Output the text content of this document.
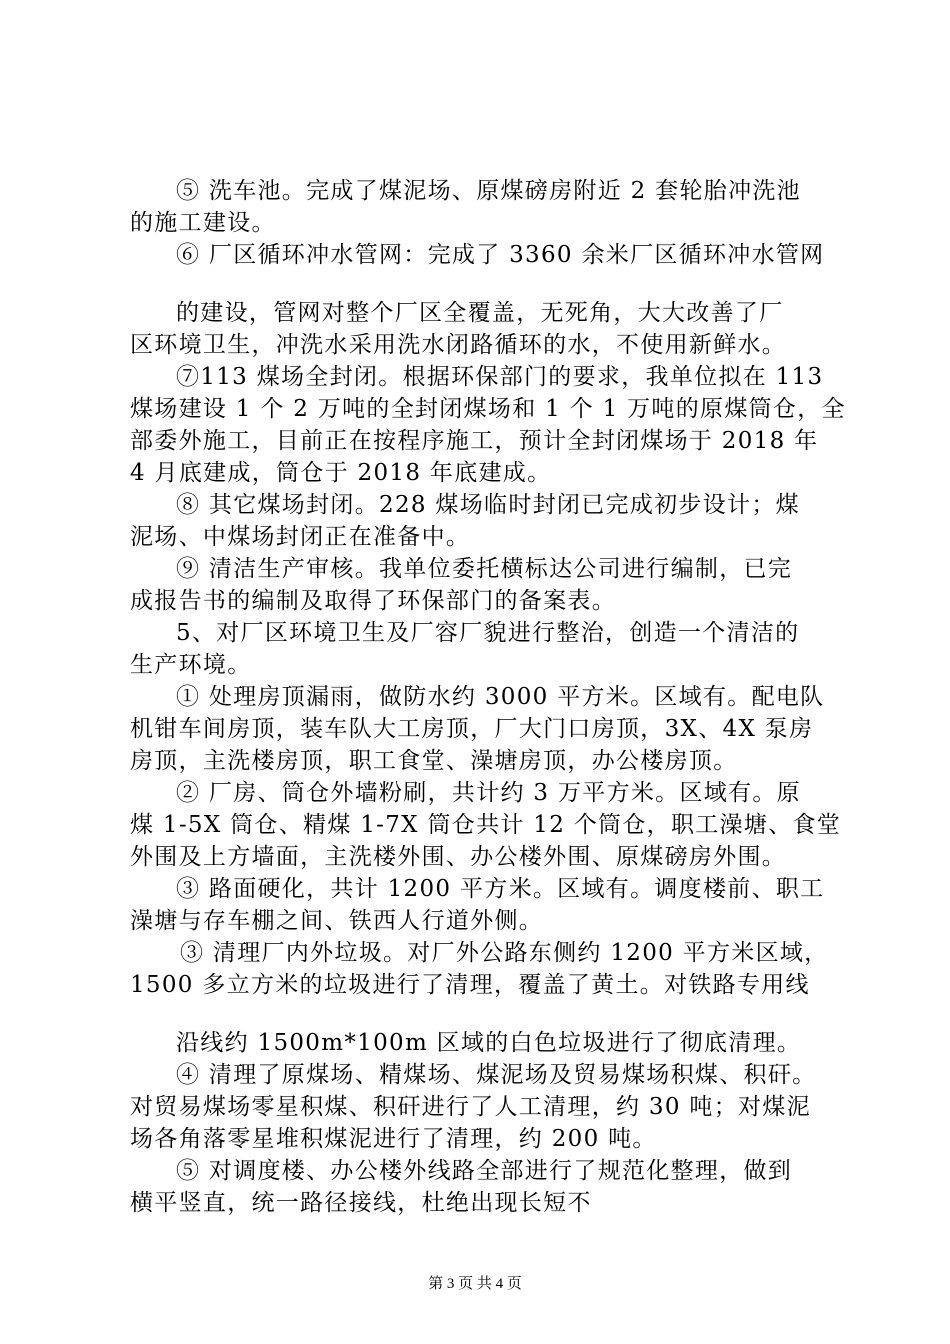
⑤ 洗车池。完成了煤泥场、原煤磅房附近 2 套轮胎冲洗池
的施工建设。
⑥ 厂区循环冲水管网：完成了 3360 余米厂区循环冲水管网
的建设，管网对整个厂区全覆盖，无死角，大大改善了厂
区环境卫生，冲洗水采用洗水闭路循环的水，不使用新鲜水。
⑦113 煤场全封闭。根据环保部门的要求，我单位拟在 113
煤场建设 1 个 2 万吨的全封闭煤场和 1 个 1 万吨的原煤筒仓，全
部委外施工，目前正在按程序施工，预计全封闭煤场于 2018 年
4 月底建成，筒仓于 2018 年底建成。
⑧ 其它煤场封闭。228 煤场临时封闭已完成初步设计；煤
泥场、中煤场封闭正在准备中。
⑨ 清洁生产审核。我单位委托横标达公司进行编制，已完
成报告书的编制及取得了环保部门的备案表。
5、对厂区环境卫生及厂容厂貌进行整治，创造一个清洁的
生产环境。
① 处理房顶漏雨，做防水约 3000 平方米。区域有。配电队
机钳车间房顶，装车队大工房顶，厂大门口房顶，3X、4X 泵房
房顶，主洗楼房顶，职工食堂、澡塘房顶，办公楼房顶。
② 厂房、筒仓外墙粉刷，共计约 3 万平方米。区域有。原
煤 1-5X 筒仓、精煤 1-7X 筒仓共计 12 个筒仓，职工澡塘、食堂
外围及上方墙面，主洗楼外围、办公楼外围、原煤磅房外围。
③ 路面硬化，共计 1200 平方米。区域有。调度楼前、职工
澡塘与存车棚之间、铁西人行道外侧。
③ 清理厂内外垃圾。对厂外公路东侧约 1200 平方米区域，
1500 多立方米的垃圾进行了清理，覆盖了黄土。对铁路专用线
沿线约 1500m*100m 区域的白色垃圾进行了彻底清理。
④ 清理了原煤场、精煤场、煤泥场及贸易煤场积煤、积矸。
对贸易煤场零星积煤、积矸进行了人工清理，约 30 吨；对煤泥
场各角落零星堆积煤泥进行了清理，约 200 吨。
⑤ 对调度楼、办公楼外线路全部进行了规范化整理，做到
横平竖直，统一路径接线，杜绝出现长短不
第 3 页 共 4 页
